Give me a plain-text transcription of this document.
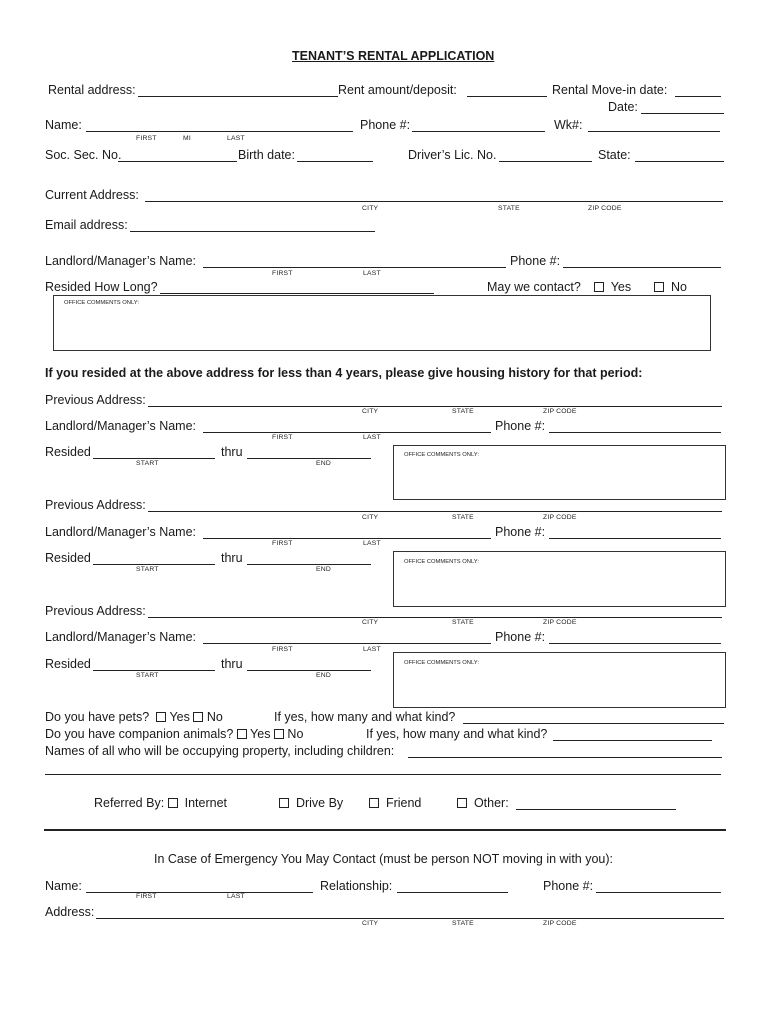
TENANT’S RENTAL APPLICATION
Rental address:	Rent amount/deposit:	Rental Move-in date:
Date:
Name:	Phone #:	Wk#:
FIRST	MI	LAST
Soc. Sec. No.	Birth date:	Driver’s Lic. No.	State:
Current Address:
CITY	STATE	ZIP CODE
Email address:
Landlord/Manager’s Name:	Phone #:
FIRST	LAST
Resided How Long?	May we contact?	Yes	No
OFFICE COMMENTS ONLY:
If you resided at the above address for less than 4 years, please give housing history for that period:
Previous Address:
CITY	STATE	ZIP CODE
Landlord/Manager’s Name:	Phone #:
FIRST	LAST
Resided	thru
START	END
OFFICE COMMENTS ONLY:
Previous Address:
CITY	STATE	ZIP CODE
Landlord/Manager’s Name:	Phone #:
FIRST	LAST
Resided	thru
START	END
OFFICE COMMENTS ONLY:
Previous Address:
CITY	STATE	ZIP CODE
Landlord/Manager’s Name:	Phone #:
FIRST	LAST
Resided	thru
START	END
OFFICE COMMENTS ONLY:
Do you have pets? Yes No	If yes, how many and what kind?
Do you have companion animals? Yes No	If yes, how many and what kind?
Names of all who will be occupying property, including children:
Referred By: Internet	Drive By	Friend	Other:
In Case of Emergency You May Contact (must be person NOT moving in with you):
Name:	Relationship:	Phone #:
FIRST	LAST
Address:
CITY	STATE	ZIP CODE
